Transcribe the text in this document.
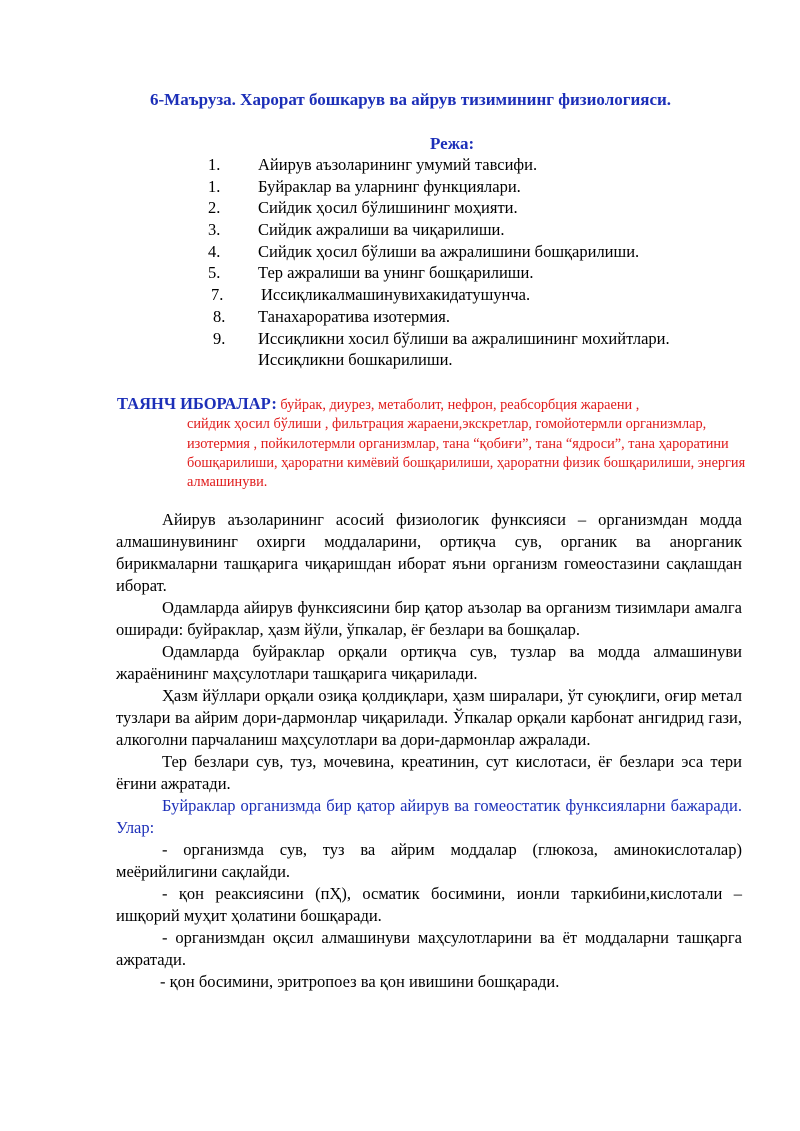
6-Маъруза. Харорат бошкарув ва айрув тизимининг физиологияси.
Режа:
1. Айирув аъзоларининг умумий тавсифи.
1. Буйраклар ва уларнинг функциялари.
2. Сийдик ҳосил бўлишининг моҳияти.
3. Сийдик ажралиши ва чиқарилиши.
4. Сийдик ҳосил бўлиши ва ажралишини бошқарилиши.
5. Тер ажралиши ва унинг бошқарилиши.
7. Иссиқликалмашинувихакидатушунча.
8. Танахароратива изотермия.
9. Иссиқликни хосил бўлиши ва ажралишининг мохийтлари.
Иссиқликни бошкарилиши.
ТАЯНЧ ИБОРАЛАР: буйрак, диурез, метаболит, нефрон, реабсорбция жараени ,
сийдик ҳосил бўлиши , фильтрация жараени,экскретлар, гомойотермли организмлар, изотермия , пойкилотермли организмлар, тана “қобиғи”, тана “ядроси”, тана ҳароратини бошқарилиши, ҳароратни кимёвий бошқарилиши, ҳароратни физик бошқарилиши, энергия алмашинуви.

Айирув аъзоларининг асосий физиологик функсияси – организмдан модда алмашинувининг охирги моддаларини, ортиқча сув, органик ва анорганик бирикмаларни ташқарига чиқаришдан иборат яъни организм гомеостазини сақлашдан иборат.

Одамларда айирув функсиясини бир қатор аъзолар ва организм тизимлари амалга оширади: буйраклар, ҳазм йўли, ўпкалар, ёғ безлари ва бошқалар.

Одамларда буйраклар орқали ортиқча сув, тузлар ва модда алмашинуви жараёнининг маҳсулотлари ташқарига чиқарилади.

Ҳазм йўллари орқали озиқа қолдиқлари, ҳазм ширалари, ўт суюқлиги, оғир метал тузлари ва айрим дори-дармонлар чиқарилади. Ўпкалар орқали карбонат ангидрид гази, алкоголни парчаланиш маҳсулотлари ва дори-дармонлар ажралади.

Тер безлари сув, туз, мочевина, креатинин, сут кислотаси, ёғ безлари эса тери ёғини ажратади.

Буйраклар организмда бир қатор айирув ва гомеостатик функсияларни бажаради. Улар:

- организмда сув, туз ва айрим моддалар (глюкоза, аминокислоталар) меёрийлигини сақлайди.

- қон реаксиясини (пҲ), осматик босимини, ионли таркибини,кислотали – ишқорий муҳит ҳолатини бошқаради.

- организмдан оқсил алмашинуви маҳсулотларини ва ёт моддаларни ташқарга ажратади.

- қон босимини, эритропоез ва қон ивишини бошқаради.
